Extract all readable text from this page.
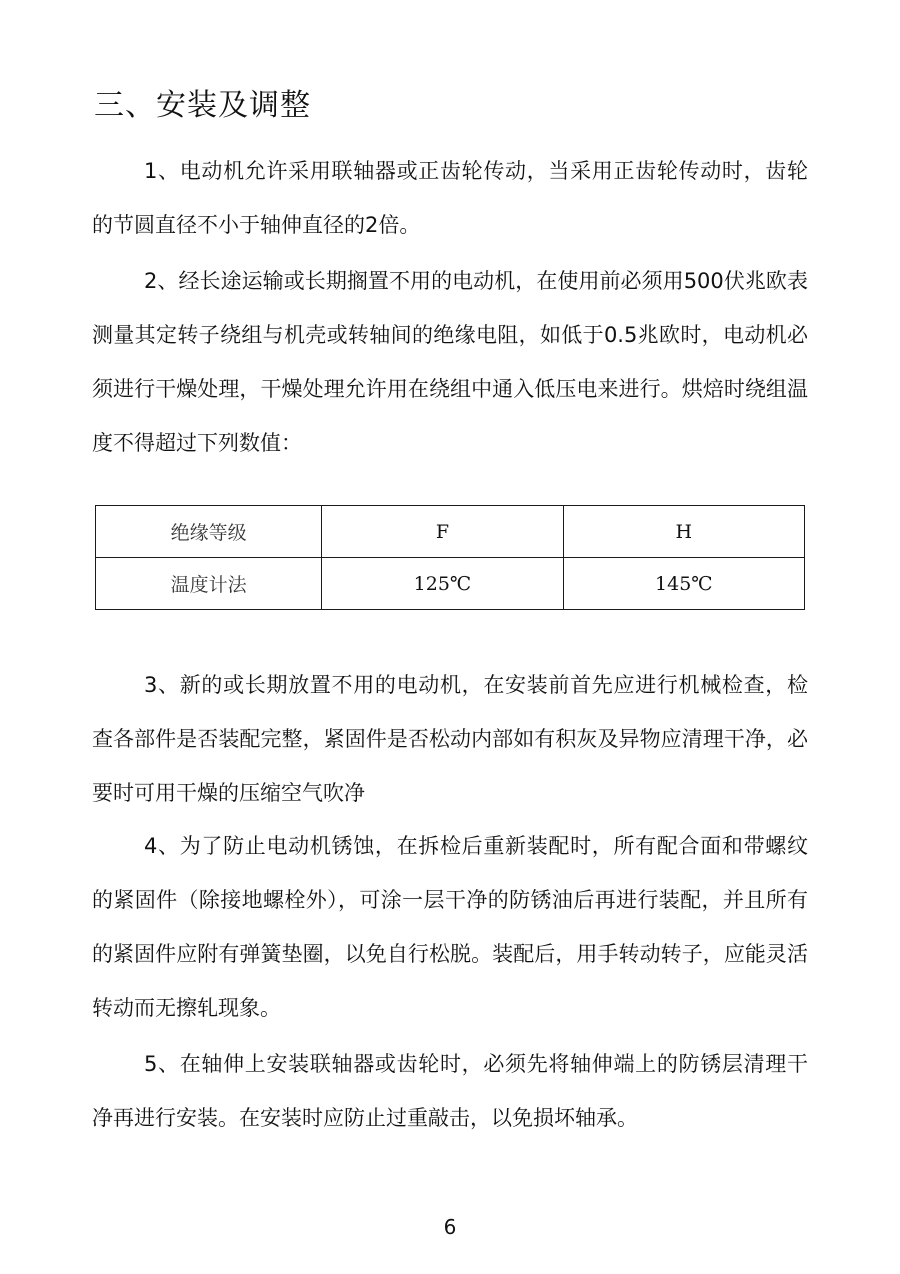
三、安装及调整

1、电动机允许采用联轴器或正齿轮传动，当采用正齿轮传动时，齿轮的节圆直径不小于轴伸直径的2倍。

2、经长途运输或长期搁置不用的电动机，在使用前必须用500伏兆欧表测量其定转子绕组与机壳或转轴间的绝缘电阻，如低于0.5兆欧时，电动机必须进行干燥处理，干燥处理允许用在绕组中通入低压电来进行。烘焙时绕组温度不得超过下列数值：

绝缘等级	F	H
温度计法	125℃	145℃

3、新的或长期放置不用的电动机，在安装前首先应进行机械检查，检查各部件是否装配完整，紧固件是否松动内部如有积灰及异物应清理干净，必要时可用干燥的压缩空气吹净

4、为了防止电动机锈蚀，在拆检后重新装配时，所有配合面和带螺纹的紧固件（除接地螺栓外），可涂一层干净的防锈油后再进行装配，并且所有的紧固件应附有弹簧垫圈，以免自行松脱。装配后，用手转动转子，应能灵活转动而无擦轧现象。

5、在轴伸上安装联轴器或齿轮时，必须先将轴伸端上的防锈层清理干净再进行安装。在安装时应防止过重敲击，以免损坏轴承。

6
